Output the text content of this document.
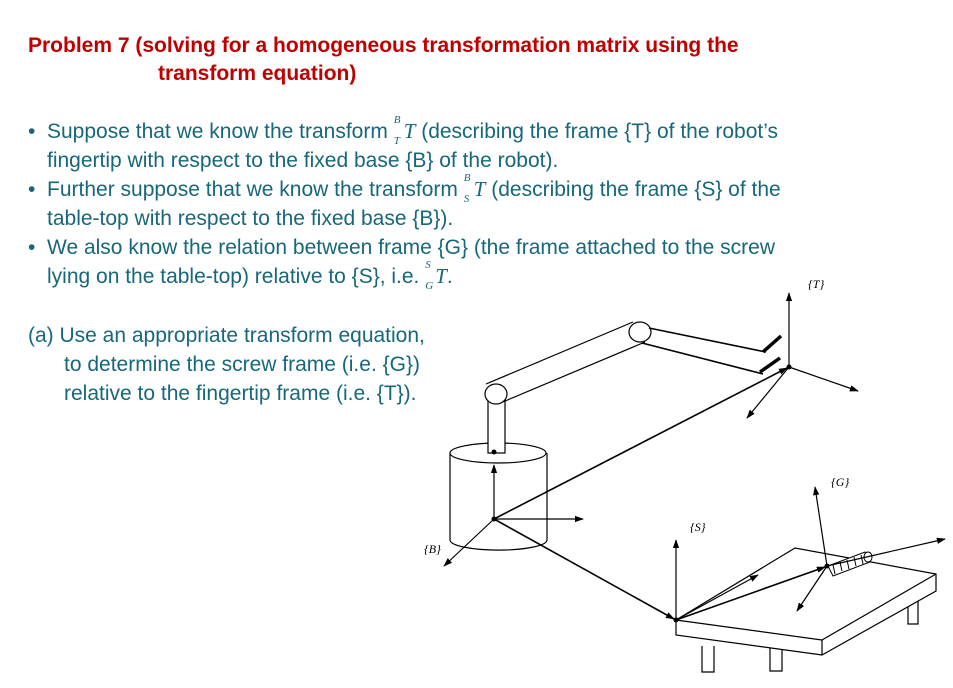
Problem 7 (solving for a homogeneous transformation matrix using the
transform equation)
• Suppose that we know the transform B
T T (describing the frame {T} of the robot’s
fingertip with respect to the fixed base {B} of the robot).
• Further suppose that we know the transform B
S T (describing the frame {S} of the
table-top with respect to the fixed base {B}).
• We also know the relation between frame {G} (the frame attached to the screw
lying on the table-top) relative to {S}, i.e. S
G T.
(a) Use an appropriate transform equation,
to determine the screw frame (i.e. {G})
relative to the fingertip frame (i.e. {T}).
{T}
{G}
{S}
{B}
